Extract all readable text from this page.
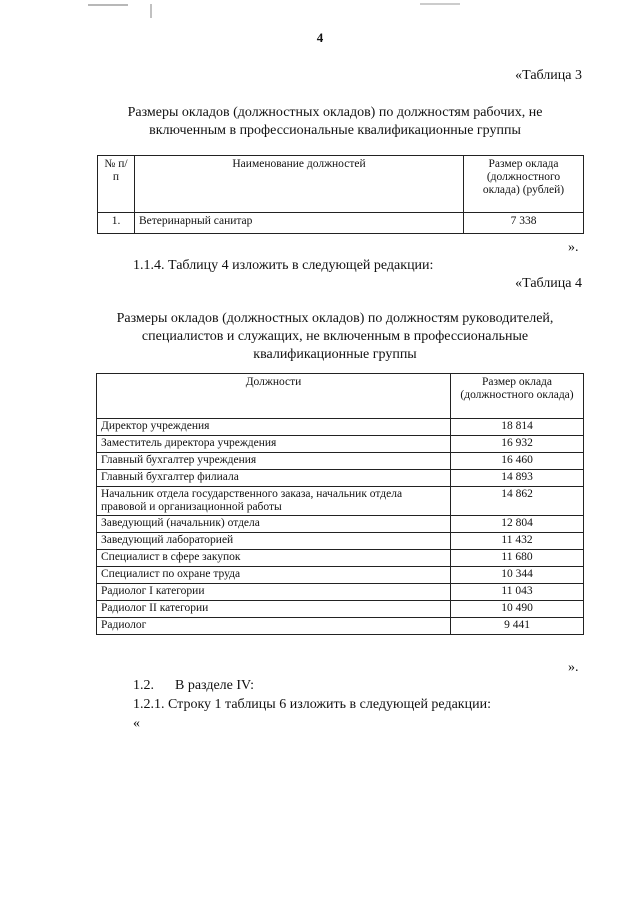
4
«Таблица 3
Размеры окладов (должностных окладов) по должностям рабочих, не
включенным в профессиональные квалификационные группы
№ п/п	Наименование должностей	Размер оклада (должностного оклада) (рублей)
1.	Ветеринарный санитар	7 338
».
1.1.4. Таблицу 4 изложить в следующей редакции:
«Таблица 4
Размеры окладов (должностных окладов) по должностям руководителей,
специалистов и служащих, не включенным в профессиональные
квалификационные группы
Должности	Размер оклада (должностного оклада)
Директор учреждения	18 814
Заместитель директора учреждения	16 932
Главный бухгалтер учреждения	16 460
Главный бухгалтер филиала	14 893
Начальник отдела государственного заказа, начальник отдела правовой и организационной работы	14 862
Заведующий (начальник) отдела	12 804
Заведующий лабораторией	11 432
Специалист в сфере закупок	11 680
Специалист по охране труда	10 344
Радиолог I категории	11 043
Радиолог II категории	10 490
Радиолог	9 441
».
1.2. В разделе IV:
1.2.1. Строку 1 таблицы 6 изложить в следующей редакции:
«
